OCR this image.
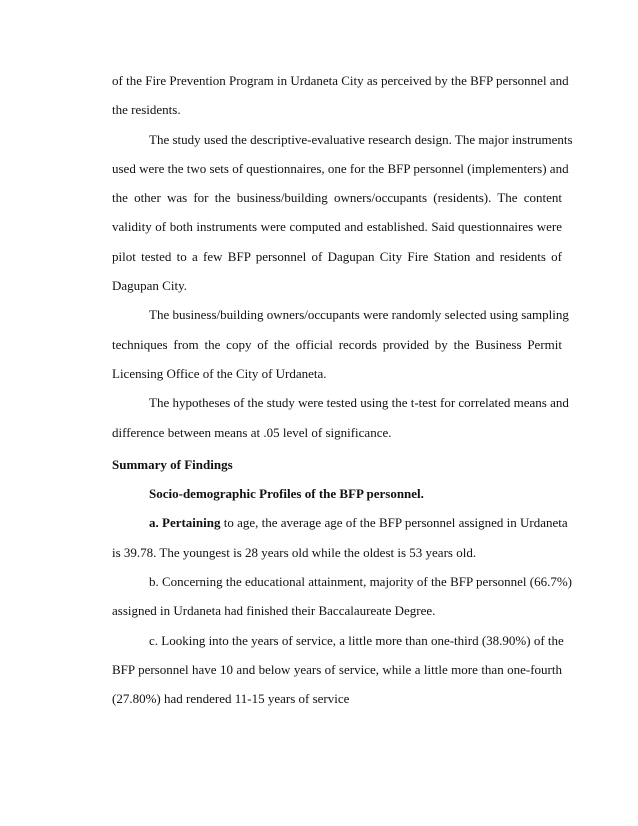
of the Fire Prevention Program in Urdaneta City as perceived by the BFP personnel and
the residents.
The study used the descriptive-evaluative research design. The major instruments
used were the two sets of questionnaires, one for the BFP personnel (implementers) and
the other was for the business/building owners/occupants (residents). The content
validity of both instruments were computed and established. Said questionnaires were
pilot tested to a few BFP personnel of Dagupan City Fire Station and residents of
Dagupan City.
The business/building owners/occupants were randomly selected using sampling
techniques from the copy of the official records provided by the Business Permit
Licensing Office of the City of Urdaneta.
The hypotheses of the study were tested using the t-test for correlated means and
difference between means at .05 level of significance.
Summary of Findings
Socio-demographic Profiles of the BFP personnel.
a. Pertaining to age, the average age of the BFP personnel assigned in Urdaneta
is 39.78. The youngest is 28 years old while the oldest is 53 years old.
b. Concerning the educational attainment, majority of the BFP personnel (66.7%)
assigned in Urdaneta had finished their Baccalaureate Degree.
c. Looking into the years of service, a little more than one-third (38.90%) of the
BFP personnel have 10 and below years of service, while a little more than one-fourth
(27.80%) had rendered 11-15 years of service
